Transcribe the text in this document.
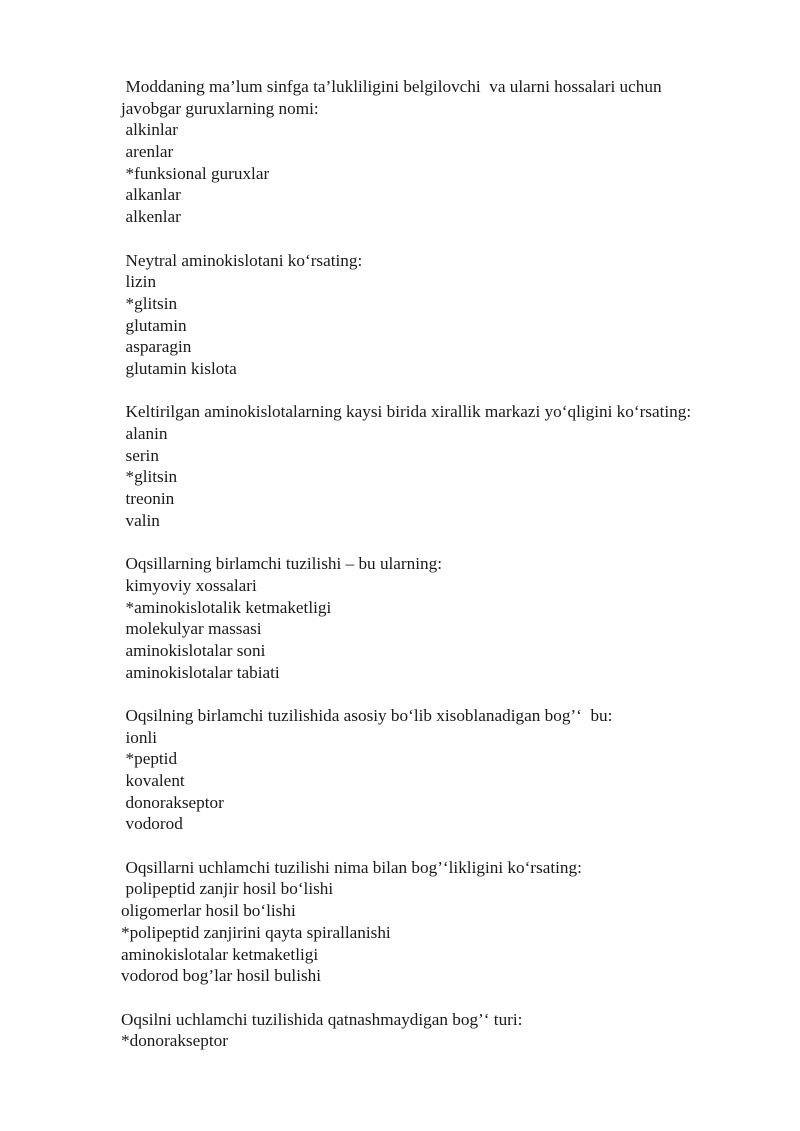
Moddaning ma’lum sinfga ta’lukliligini belgilovchi  va ularni hossalari uchun
javobgar guruxlarning nomi:
alkinlar
arenlar
*funksional guruxlar
alkanlar
alkenlar
Neytral aminokislotani ko‘rsating:
lizin
*glitsin
glutamin
asparagin
glutamin kislota
Keltirilgan aminokislotalarning kaysi birida xirallik markazi yo‘qligini ko‘rsating:
alanin
serin
*glitsin
treonin
valin
Oqsillarning birlamchi tuzilishi – bu ularning:
kimyoviy xossalari
*aminokislotalik ketmaketligi
molekulyar massasi
aminokislotalar soni
aminokislotalar tabiati
Oqsilning birlamchi tuzilishida asosiy bo‘lib xisoblanadigan bog’‘  bu:
ionli
*peptid
kovalent
donorakseptor
vodorod
Oqsillarni uchlamchi tuzilishi nima bilan bog’‘likligini ko‘rsating:
polipeptid zanjir hosil bo‘lishi
oligomerlar hosil bo‘lishi
*polipeptid zanjirini qayta spirallanishi
aminokislotalar ketmaketligi
vodorod bog’lar hosil bulishi
Oqsilni uchlamchi tuzilishida qatnashmaydigan bog’‘ turi:
*donorakseptor
